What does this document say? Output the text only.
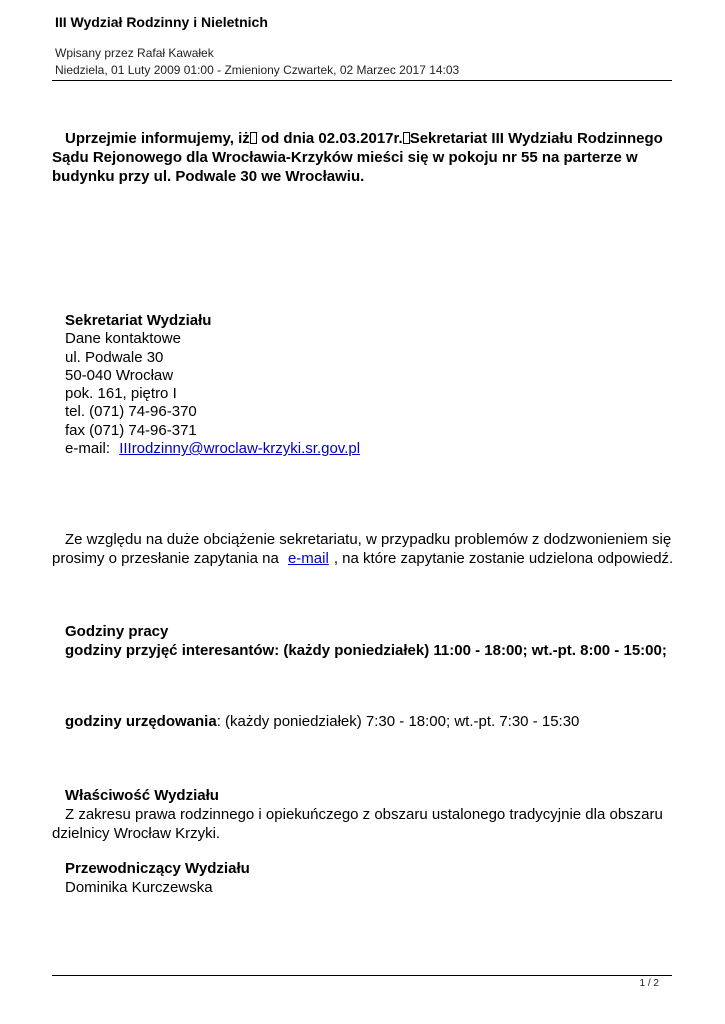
III Wydział Rodzinny i Nieletnich
Wpisany przez Rafał Kawałek
Niedziela, 01 Luty 2009 01:00 - Zmieniony Czwartek, 02 Marzec 2017 14:03
Uprzejmie informujemy, iż od dnia 02.03.2017r. Sekretariat III Wydziału Rodzinnego
Sądu Rejonowego dla Wrocławia-Krzyków mieści się w pokoju nr 55 na parterze w
budynku przy ul. Podwale 30 we Wrocławiu.
Sekretariat Wydziału
Dane kontaktowe
ul. Podwale 30
50-040 Wrocław
pok. 161, piętro I
tel. (071) 74-96-370
fax (071) 74-96-371
e-mail: IIIrodzinny@wroclaw-krzyki.sr.gov.pl
Ze względu na duże obciążenie sekretariatu, w przypadku problemów z dodzwonieniem się
prosimy o przesłanie zapytania na e-mail , na które zapytanie zostanie udzielona odpowiedź.
Godziny pracy
godziny przyjęć interesantów: (każdy poniedziałek) 11:00 - 18:00; wt.-pt. 8:00 - 15:00;
godziny urzędowania: (każdy poniedziałek) 7:30 - 18:00; wt.-pt. 7:30 - 15:30
Właściwość Wydziału
Z zakresu prawa rodzinnego i opiekuńczego z obszaru ustalonego tradycyjnie dla obszaru
dzielnicy Wrocław Krzyki.
Przewodniczący Wydziału
Dominika Kurczewska
1 / 2
